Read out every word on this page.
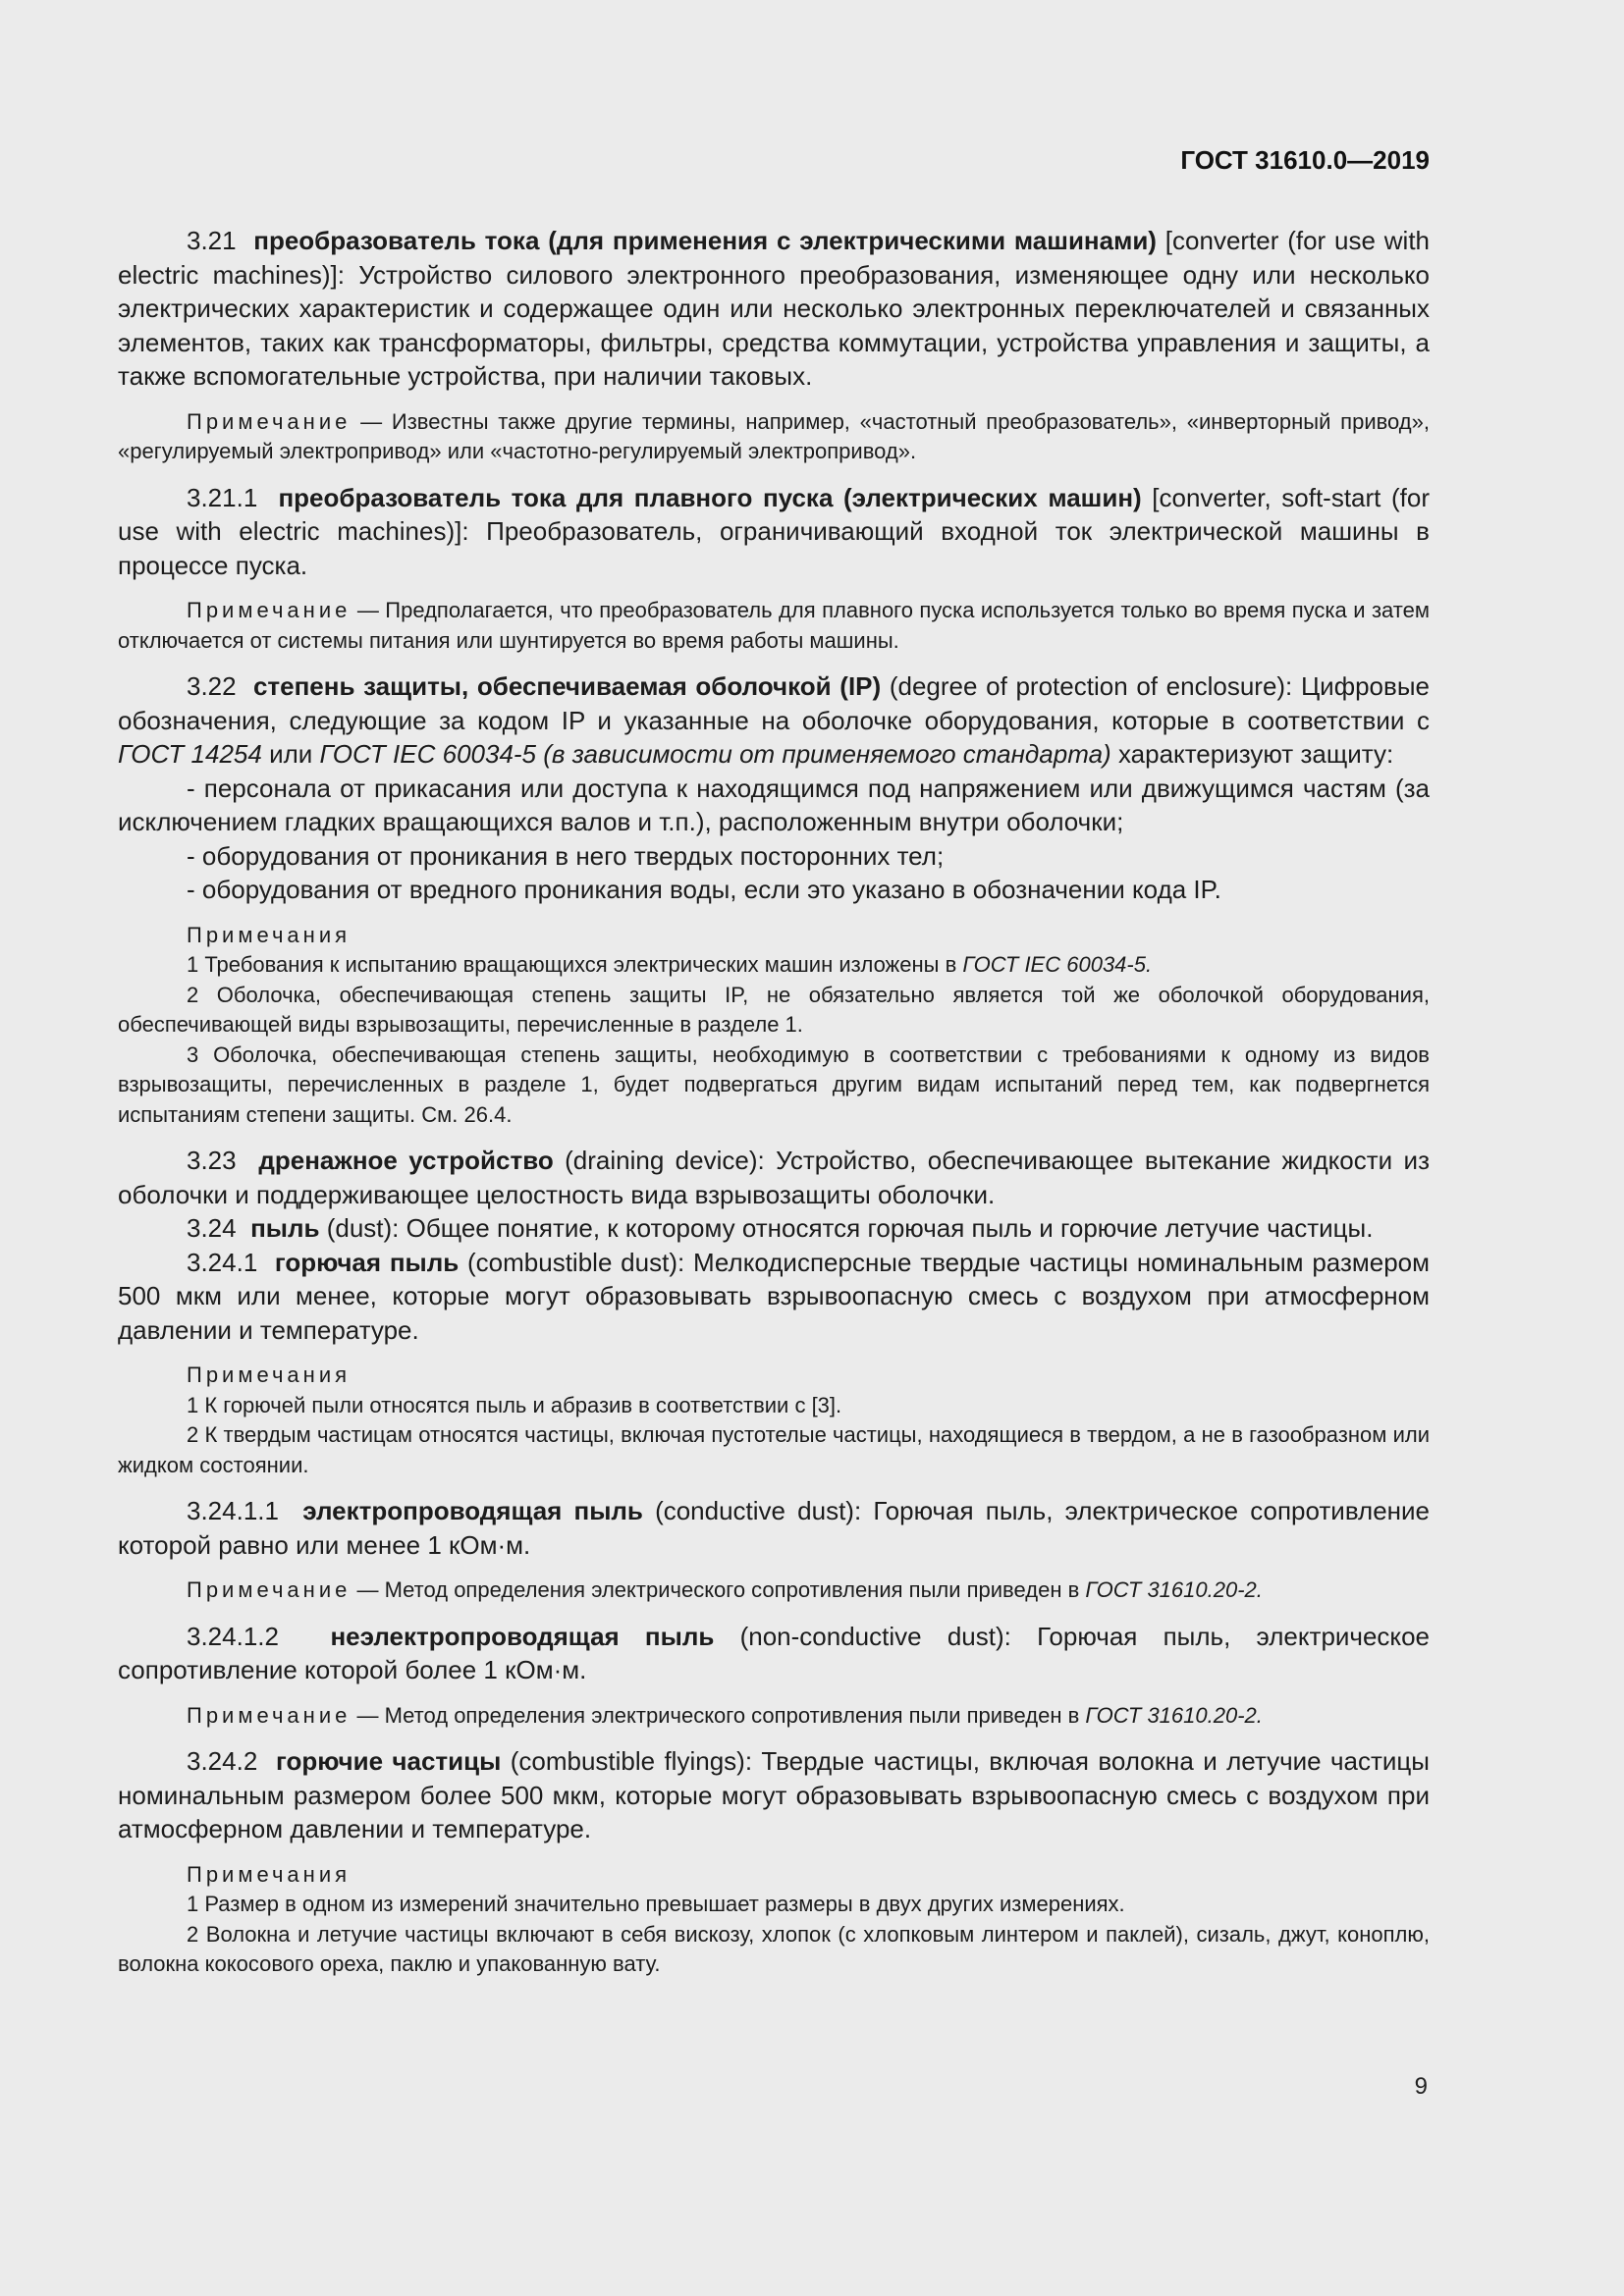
ГОСТ 31610.0—2019

3.21 преобразователь тока (для применения с электрическими машинами) [converter (for use with electric machines)]: Устройство силового электронного преобразования, изменяющее одну или несколько электрических характеристик и содержащее один или несколько электронных переключателей и связанных элементов, таких как трансформаторы, фильтры, средства коммутации, устройства управления и защиты, а также вспомогательные устройства, при наличии таковых.

Примечание — Известны также другие термины, например, «частотный преобразователь», «инверторный привод», «регулируемый электропривод» или «частотно-регулируемый электропривод».

3.21.1 преобразователь тока для плавного пуска (электрических машин) [converter, soft-start (for use with electric machines)]: Преобразователь, ограничивающий входной ток электрической машины в процессе пуска.

Примечание — Предполагается, что преобразователь для плавного пуска используется только во время пуска и затем отключается от системы питания или шунтируется во время работы машины.

3.22 степень защиты, обеспечиваемая оболочкой (IP) (degree of protection of enclosure): Цифровые обозначения, следующие за кодом IP и указанные на оболочке оборудования, которые в соответствии с ГОСТ 14254 или ГОСТ IEC 60034-5 (в зависимости от применяемого стандарта) характеризуют защиту:

- персонала от прикасания или доступа к находящимся под напряжением или движущимся частям (за исключением гладких вращающихся валов и т.п.), расположенным внутри оболочки;

- оборудования от проникания в него твердых посторонних тел;

- оборудования от вредного проникания воды, если это указано в обозначении кода IP.

Примечания

1 Требования к испытанию вращающихся электрических машин изложены в ГОСТ IEC 60034-5.

2 Оболочка, обеспечивающая степень защиты IP, не обязательно является той же оболочкой оборудования, обеспечивающей виды взрывозащиты, перечисленные в разделе 1.

3 Оболочка, обеспечивающая степень защиты, необходимую в соответствии с требованиями к одному из видов взрывозащиты, перечисленных в разделе 1, будет подвергаться другим видам испытаний перед тем, как подвергнется испытаниям степени защиты. См. 26.4.

3.23 дренажное устройство (draining device): Устройство, обеспечивающее вытекание жидкости из оболочки и поддерживающее целостность вида взрывозащиты оболочки.

3.24 пыль (dust): Общее понятие, к которому относятся горючая пыль и горючие летучие частицы.

3.24.1 горючая пыль (combustible dust): Мелкодисперсные твердые частицы номинальным размером 500 мкм или менее, которые могут образовывать взрывоопасную смесь с воздухом при атмосферном давлении и температуре.

Примечания

1 К горючей пыли относятся пыль и абразив в соответствии с [3].

2 К твердым частицам относятся частицы, включая пустотелые частицы, находящиеся в твердом, а не в газообразном или жидком состоянии.

3.24.1.1 электропроводящая пыль (conductive dust): Горючая пыль, электрическое сопротивление которой равно или менее 1 кОм·м.

Примечание — Метод определения электрического сопротивления пыли приведен в ГОСТ 31610.20-2.

3.24.1.2 неэлектропроводящая пыль (non-conductive dust): Горючая пыль, электрическое сопротивление которой более 1 кОм·м.

Примечание — Метод определения электрического сопротивления пыли приведен в ГОСТ 31610.20-2.

3.24.2 горючие частицы (combustible flyings): Твердые частицы, включая волокна и летучие частицы номинальным размером более 500 мкм, которые могут образовывать взрывоопасную смесь с воздухом при атмосферном давлении и температуре.

Примечания

1 Размер в одном из измерений значительно превышает размеры в двух других измерениях.

2 Волокна и летучие частицы включают в себя вискозу, хлопок (с хлопковым линтером и паклей), сизаль, джут, коноплю, волокна кокосового ореха, паклю и упакованную вату.

9
